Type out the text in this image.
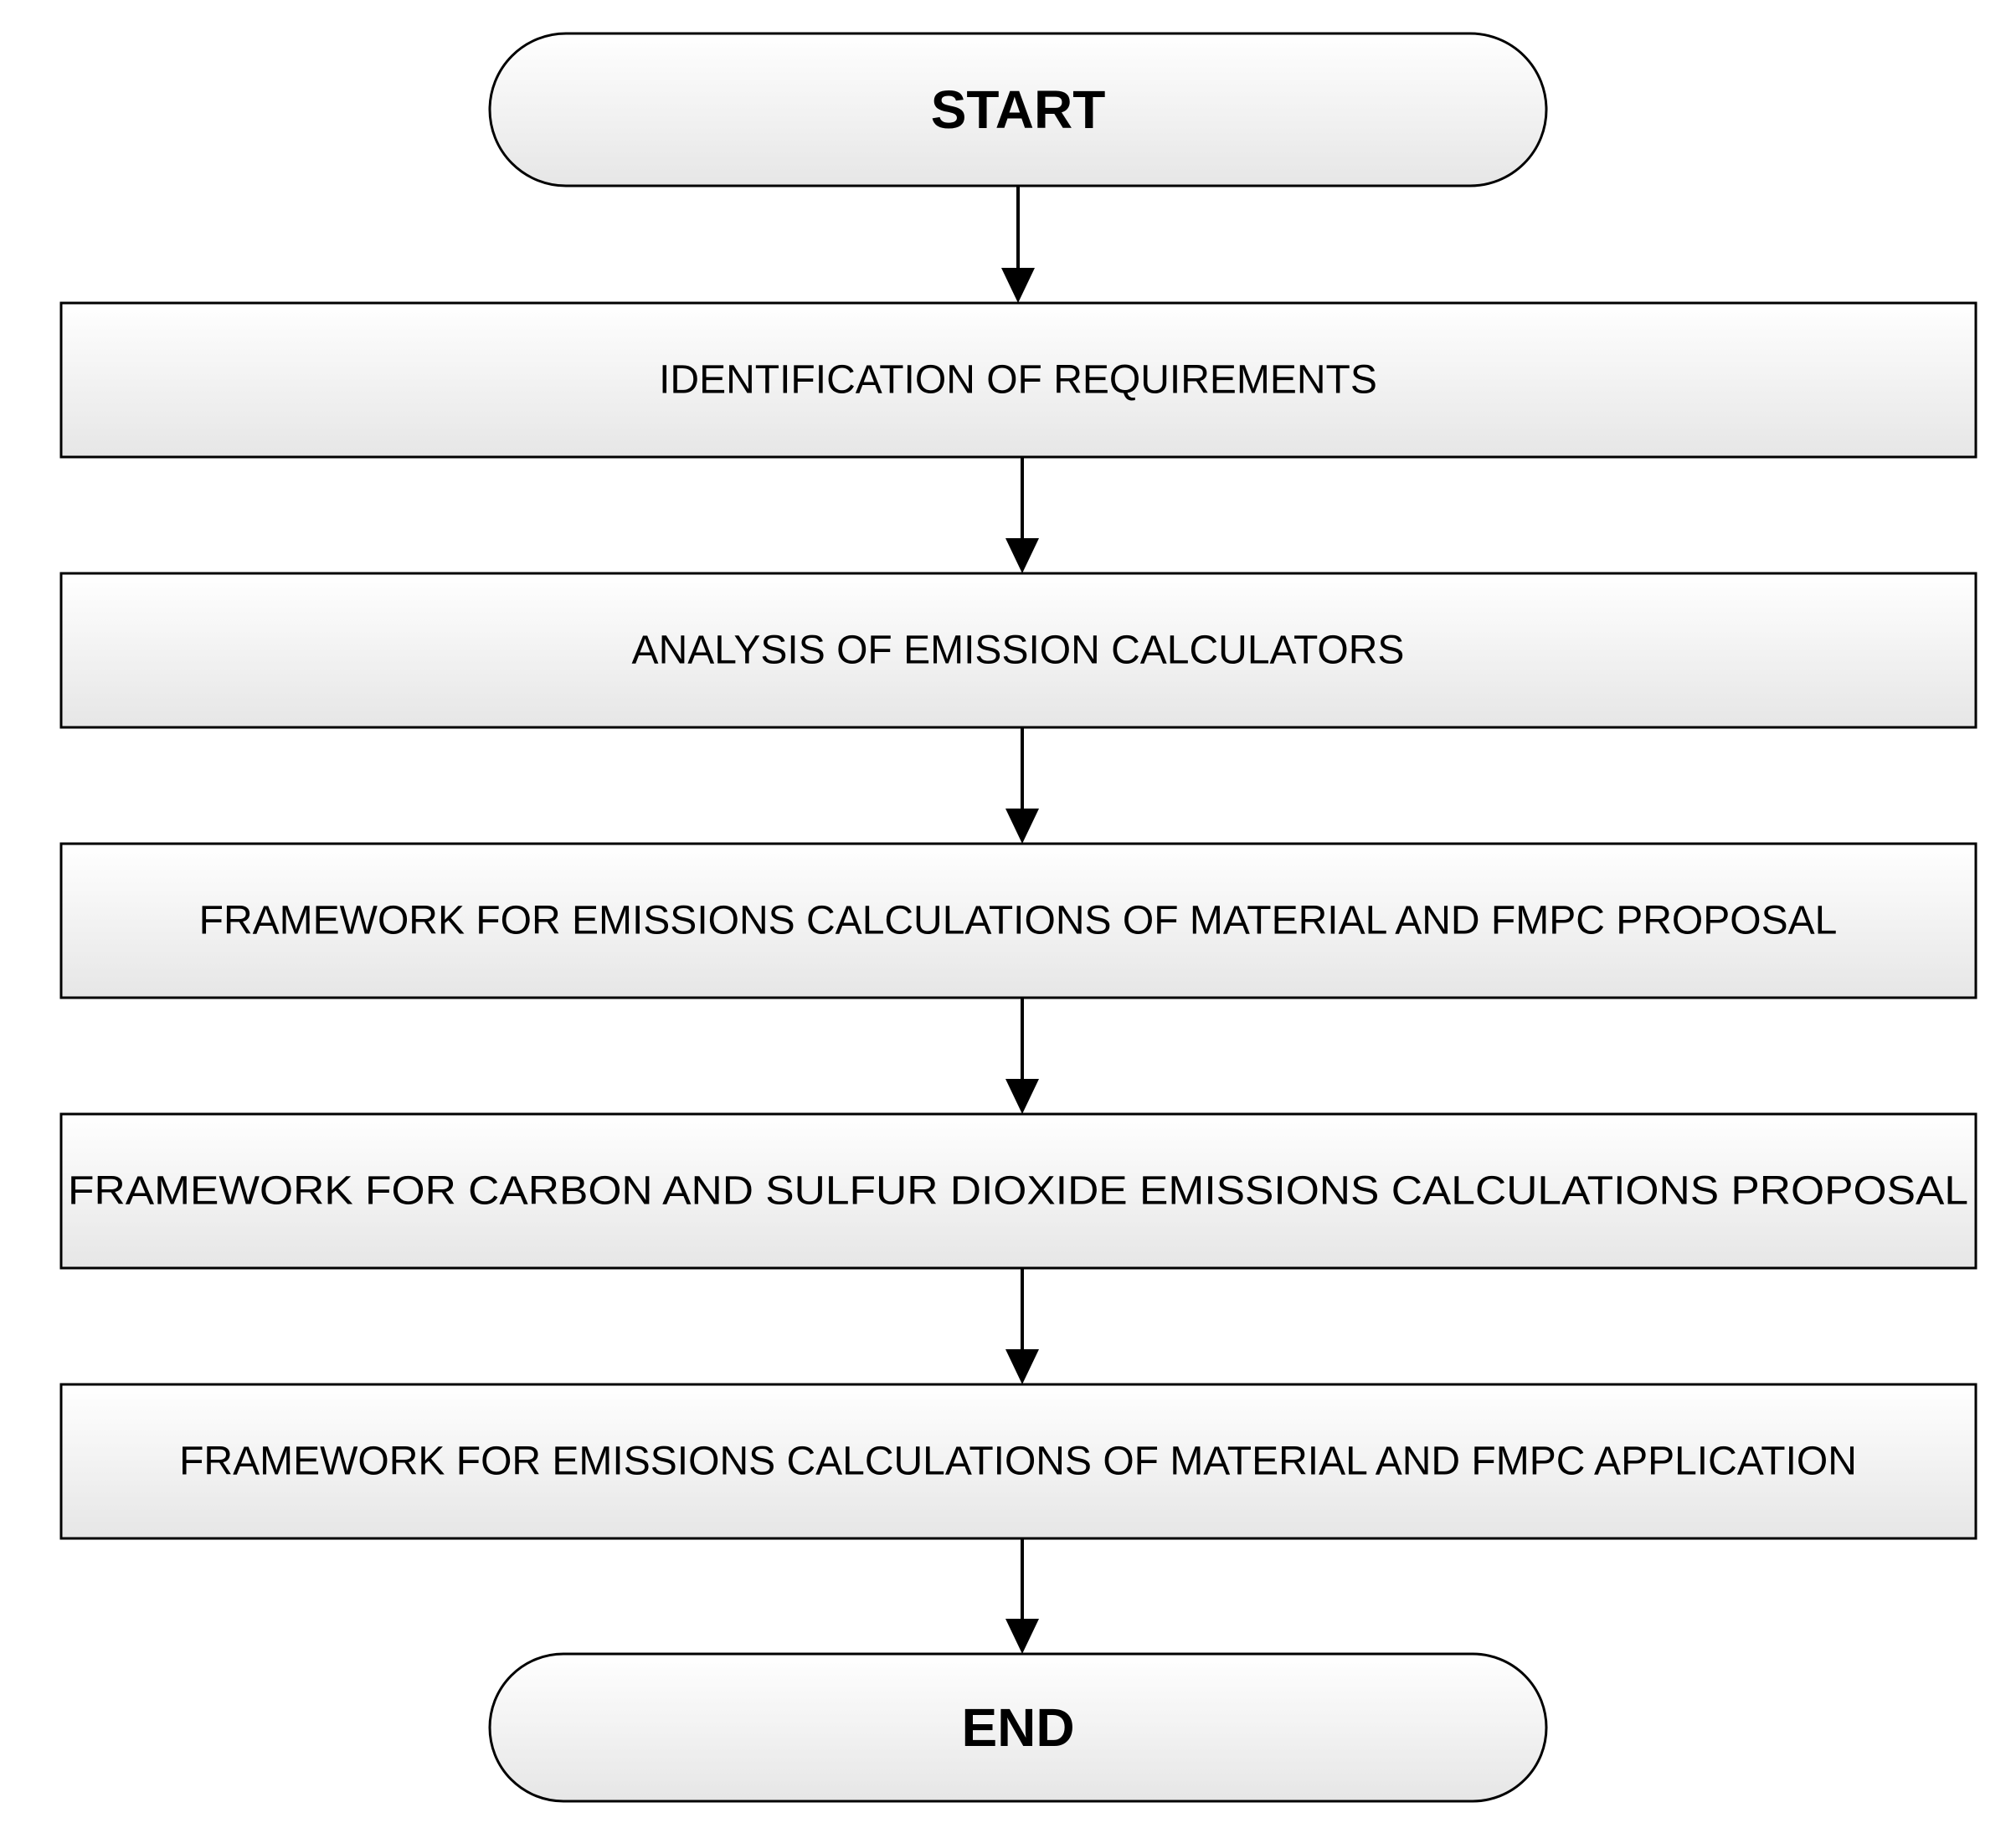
START
IDENTIFICATION OF REQUIREMENTS
ANALYSIS OF EMISSION CALCULATORS
FRAMEWORK FOR EMISSIONS CALCULATIONS OF MATERIAL AND FMPC PROPOSAL
FRAMEWORK FOR CARBON AND SULFUR DIOXIDE EMISSIONS CALCULATIONS PROPOSAL
FRAMEWORK FOR EMISSIONS CALCULATIONS OF MATERIAL AND FMPC APPLICATION
END
